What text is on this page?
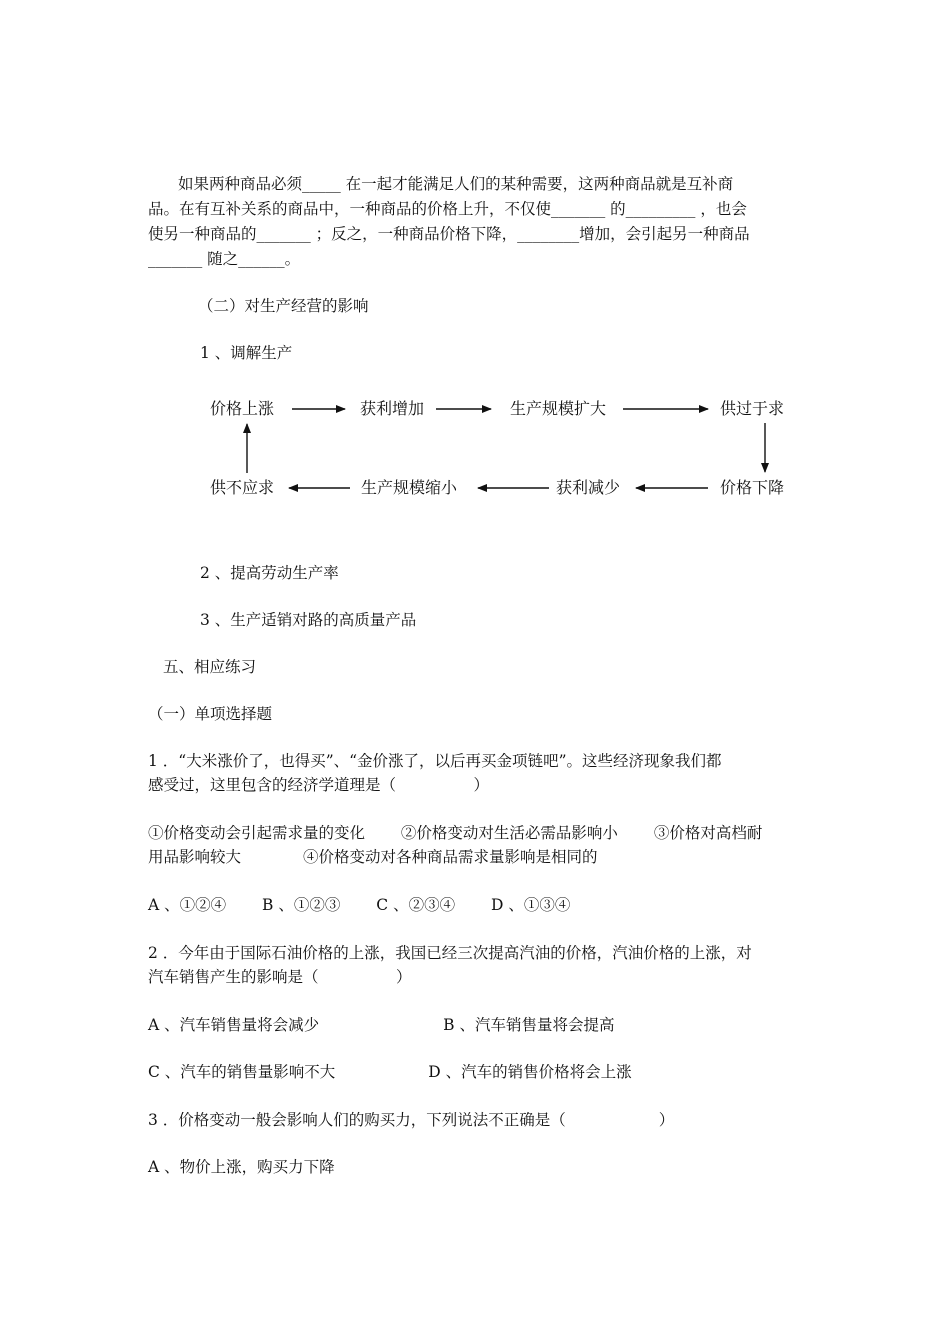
如果两种商品必须_____ 在一起才能满足人们的某种需要，这两种商品就是互补商
品。在有互补关系的商品中，一种商品的价格上升，不仅使_______ 的_________ ，也会
使另一种商品的_______ ；反之，一种商品价格下降，________增加，会引起另一种商品
_______ 随之______。
（二）对生产经营的影响
1 、调解生产
价格上涨	获利增加	生产规模扩大	供过于求
价格下降
获利减少
生产规模缩小
供不应求
2 、提高劳动生产率
3 、生产适销对路的高质量产品
五、相应练习
（一）单项选择题
1 ．“大米涨价了，也得买”、“金价涨了，以后再买金项链吧”。这些经济现象我们都
感受过，这里包含的经济学道理是（　　　　　）
①价格变动会引起需求量的变化　　 ②价格变动对生活必需品影响小　　 ③价格对高档耐
用品影响较大　　　　④价格变动对各种商品需求量影响是相同的
A 、①②④　　 B 、①②③　　 C 、②③④　　 D 、①③④
2 ．今年由于国际石油价格的上涨，我国已经三次提高汽油的价格，汽油价格的上涨，对
汽车销售产生的影响是（　　　　　）
A 、汽车销售量将会减少　　　　　　　　B 、汽车销售量将会提高
C 、汽车的销售量影响不大　　　　　　D 、汽车的销售价格将会上涨
3 ．价格变动一般会影响人们的购买力，下列说法不正确是（　　　　　　）
A 、物价上涨，购买力下降
